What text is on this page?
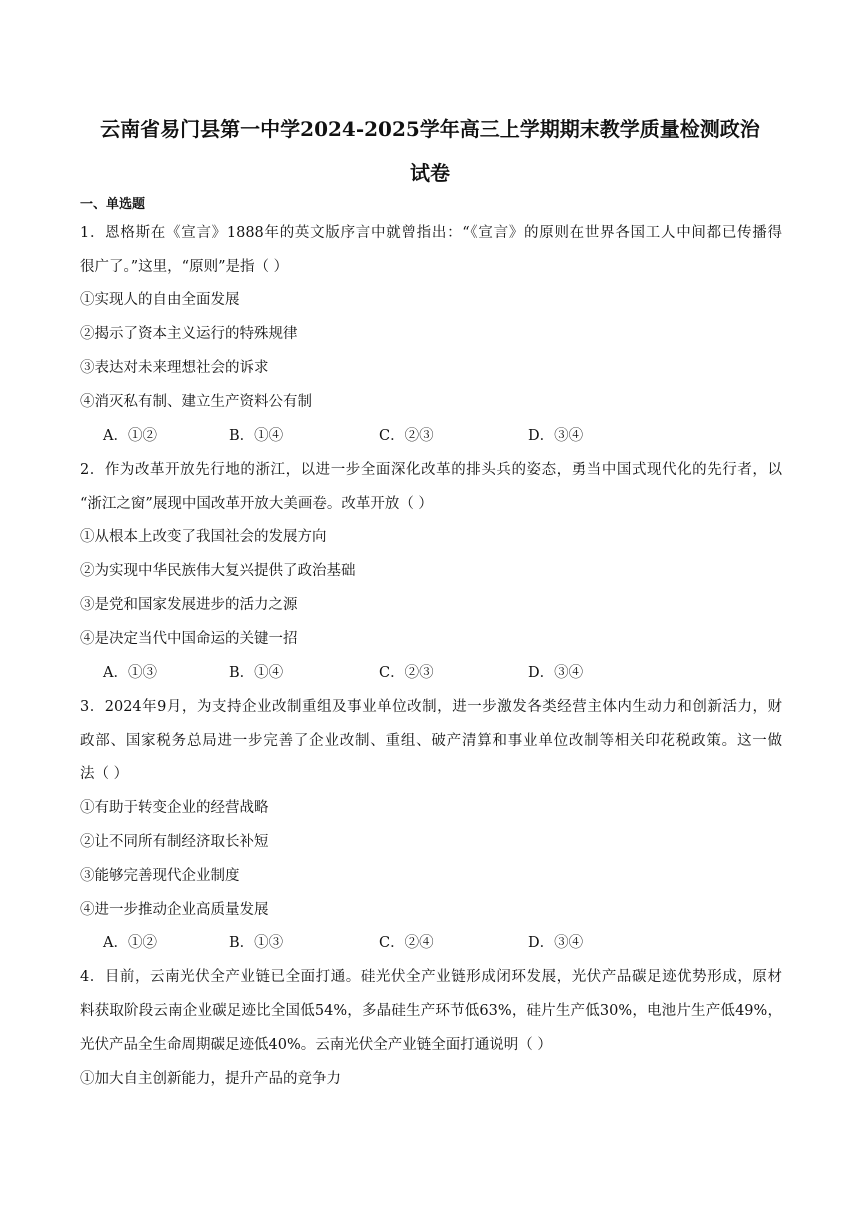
云南省易门县第一中学2024-2025学年高三上学期期末教学质量检测政治
试卷
一、单选题
1．恩格斯在《宣言》1888年的英文版序言中就曾指出：“《宣言》的原则在世界各国工人中间都已传播得
很广了。”这里，“原则”是指（ ）
①实现人的自由全面发展
②揭示了资本主义运行的特殊规律
③表达对未来理想社会的诉求
④消灭私有制、建立生产资料公有制
A．①②	B．①④	C．②③	D．③④
2．作为改革开放先行地的浙江，以进一步全面深化改革的排头兵的姿态，勇当中国式现代化的先行者，以
“浙江之窗”展现中国改革开放大美画卷。改革开放（ ）
①从根本上改变了我国社会的发展方向
②为实现中华民族伟大复兴提供了政治基础
③是党和国家发展进步的活力之源
④是决定当代中国命运的关键一招
A．①③	B．①④	C．②③	D．③④
3．2024年9月，为支持企业改制重组及事业单位改制，进一步激发各类经营主体内生动力和创新活力，财
政部、国家税务总局进一步完善了企业改制、重组、破产清算和事业单位改制等相关印花税政策。这一做
法（ ）
①有助于转变企业的经营战略
②让不同所有制经济取长补短
③能够完善现代企业制度
④进一步推动企业高质量发展
A．①②	B．①③	C．②④	D．③④
4．目前，云南光伏全产业链已全面打通。硅光伏全产业链形成闭环发展，光伏产品碳足迹优势形成，原材
料获取阶段云南企业碳足迹比全国低54%，多晶硅生产环节低63%，硅片生产低30%，电池片生产低49%，
光伏产品全生命周期碳足迹低40%。云南光伏全产业链全面打通说明（ ）
①加大自主创新能力，提升产品的竞争力
